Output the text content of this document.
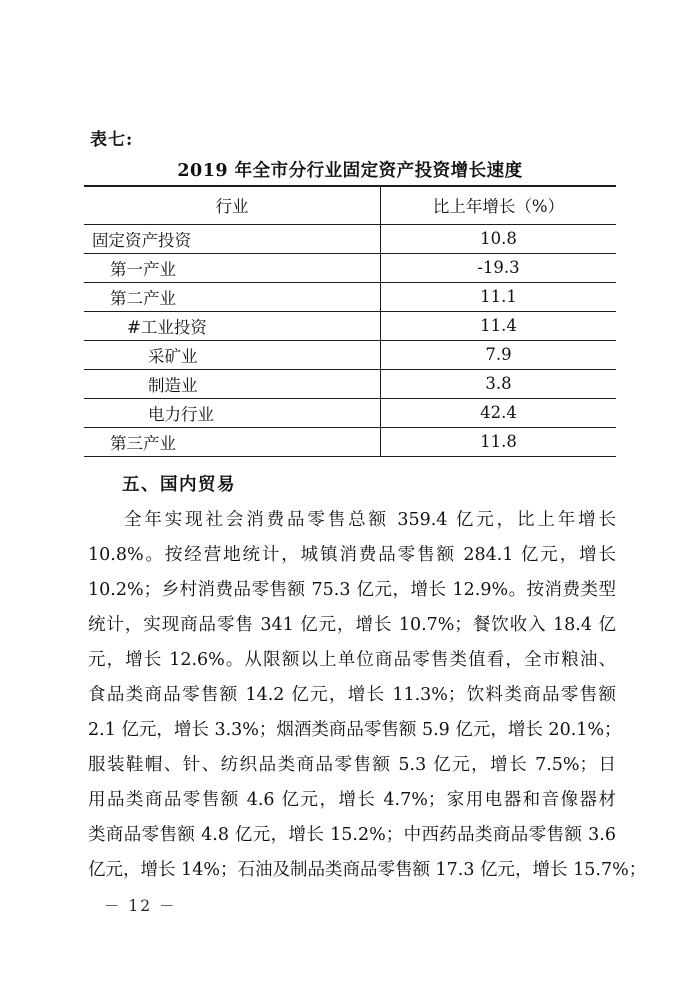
表七:
2019 年全市分行业固定资产投资增长速度
行业	比上年增长（%）
固定资产投资	10.8
第一产业	-19.3
第二产业	11.1
#工业投资	11.4
采矿业	7.9
制造业	3.8
电力行业	42.4
第三产业	11.8
五、国内贸易
全年实现社会消费品零售总额 359.4 亿元，比上年增长
10.8%。按经营地统计，城镇消费品零售额 284.1 亿元，增长
10.2%；乡村消费品零售额 75.3 亿元，增长 12.9%。按消费类型
统计，实现商品零售 341 亿元，增长 10.7%；餐饮收入 18.4 亿
元，增长 12.6%。从限额以上单位商品零售类值看，全市粮油、
食品类商品零售额 14.2 亿元，增长 11.3%；饮料类商品零售额
2.1 亿元，增长 3.3%；烟酒类商品零售额 5.9 亿元，增长 20.1%；
服装鞋帽、针、纺织品类商品零售额 5.3 亿元，增长 7.5%；日
用品类商品零售额 4.6 亿元，增长 4.7%；家用电器和音像器材
类商品零售额 4.8 亿元，增长 15.2%；中西药品类商品零售额 3.6
亿元，增长 14%；石油及制品类商品零售额 17.3 亿元，增长 15.7%；
－ 12 －
